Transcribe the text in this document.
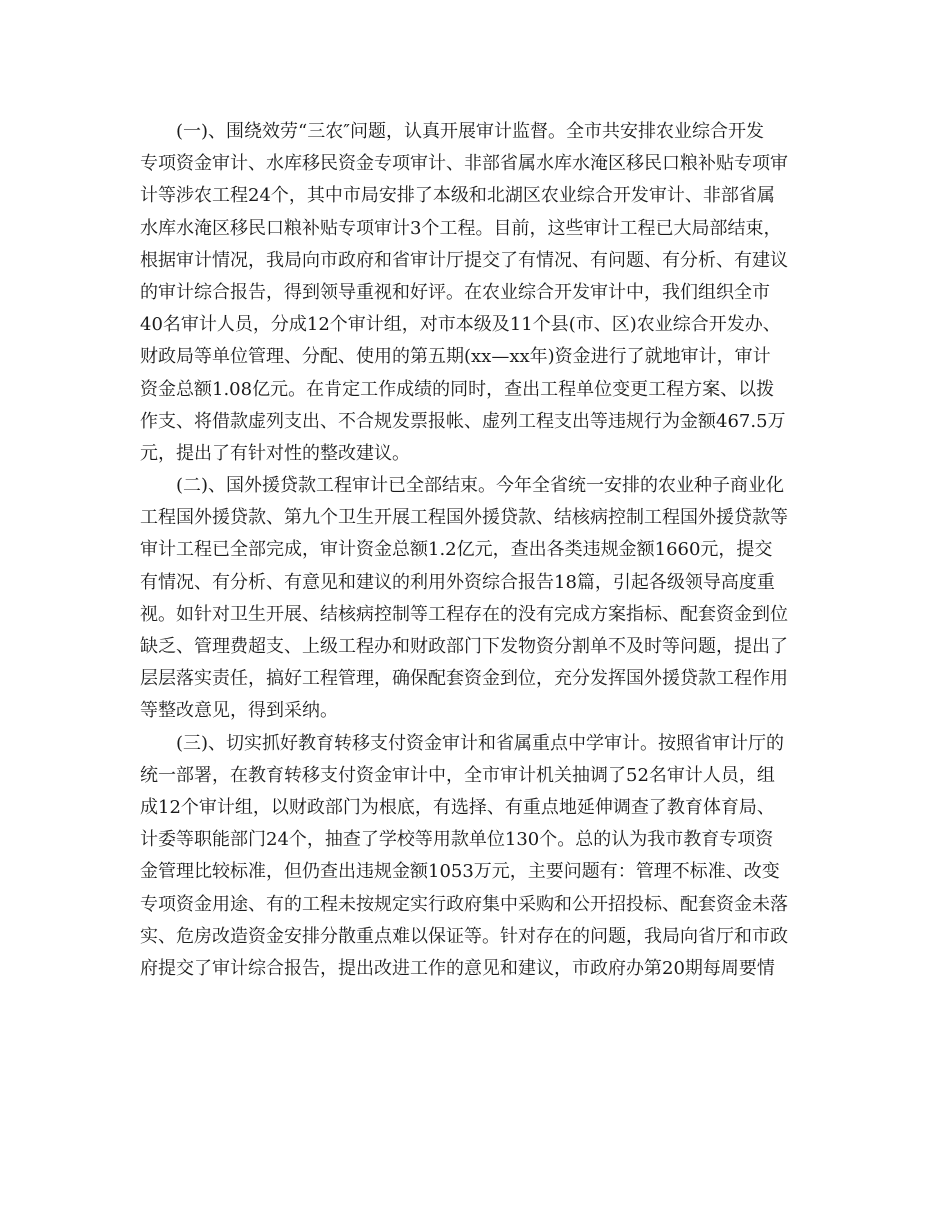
(一)、围绕效劳“三农″问题，认真开展审计监督。全市共安排农业综合开发
专项资金审计、水库移民资金专项审计、非部省属水库水淹区移民口粮补贴专项审
计等涉农工程24个，其中市局安排了本级和北湖区农业综合开发审计、非部省属
水库水淹区移民口粮补贴专项审计3个工程。目前，这些审计工程已大局部结束，
根据审计情况，我局向市政府和省审计厅提交了有情况、有问题、有分析、有建议
的审计综合报告，得到领导重视和好评。在农业综合开发审计中，我们组织全市
40名审计人员，分成12个审计组，对市本级及11个县(市、区)农业综合开发办、
财政局等单位管理、分配、使用的第五期(xx—xx年)资金进行了就地审计，审计
资金总额1.08亿元。在肯定工作成绩的同时，查出工程单位变更工程方案、以拨
作支、将借款虚列支出、不合规发票报帐、虚列工程支出等违规行为金额467.5万
元，提出了有针对性的整改建议。
(二)、国外援贷款工程审计已全部结束。今年全省统一安排的农业种子商业化
工程国外援贷款、第九个卫生开展工程国外援贷款、结核病控制工程国外援贷款等
审计工程已全部完成，审计资金总额1.2亿元，查出各类违规金额1660元，提交
有情况、有分析、有意见和建议的利用外资综合报告18篇，引起各级领导高度重
视。如针对卫生开展、结核病控制等工程存在的没有完成方案指标、配套资金到位
缺乏、管理费超支、上级工程办和财政部门下发物资分割单不及时等问题，提出了
层层落实责任，搞好工程管理，确保配套资金到位，充分发挥国外援贷款工程作用
等整改意见，得到采纳。
(三)、切实抓好教育转移支付资金审计和省属重点中学审计。按照省审计厅的
统一部署，在教育转移支付资金审计中，全市审计机关抽调了52名审计人员，组
成12个审计组，以财政部门为根底，有选择、有重点地延伸调查了教育体育局、
计委等职能部门24个，抽查了学校等用款单位130个。总的认为我市教育专项资
金管理比较标准，但仍查出违规金额1053万元，主要问题有：管理不标准、改变
专项资金用途、有的工程未按规定实行政府集中采购和公开招投标、配套资金未落
实、危房改造资金安排分散重点难以保证等。针对存在的问题，我局向省厅和市政
府提交了审计综合报告，提出改进工作的意见和建议，市政府办第20期每周要情
